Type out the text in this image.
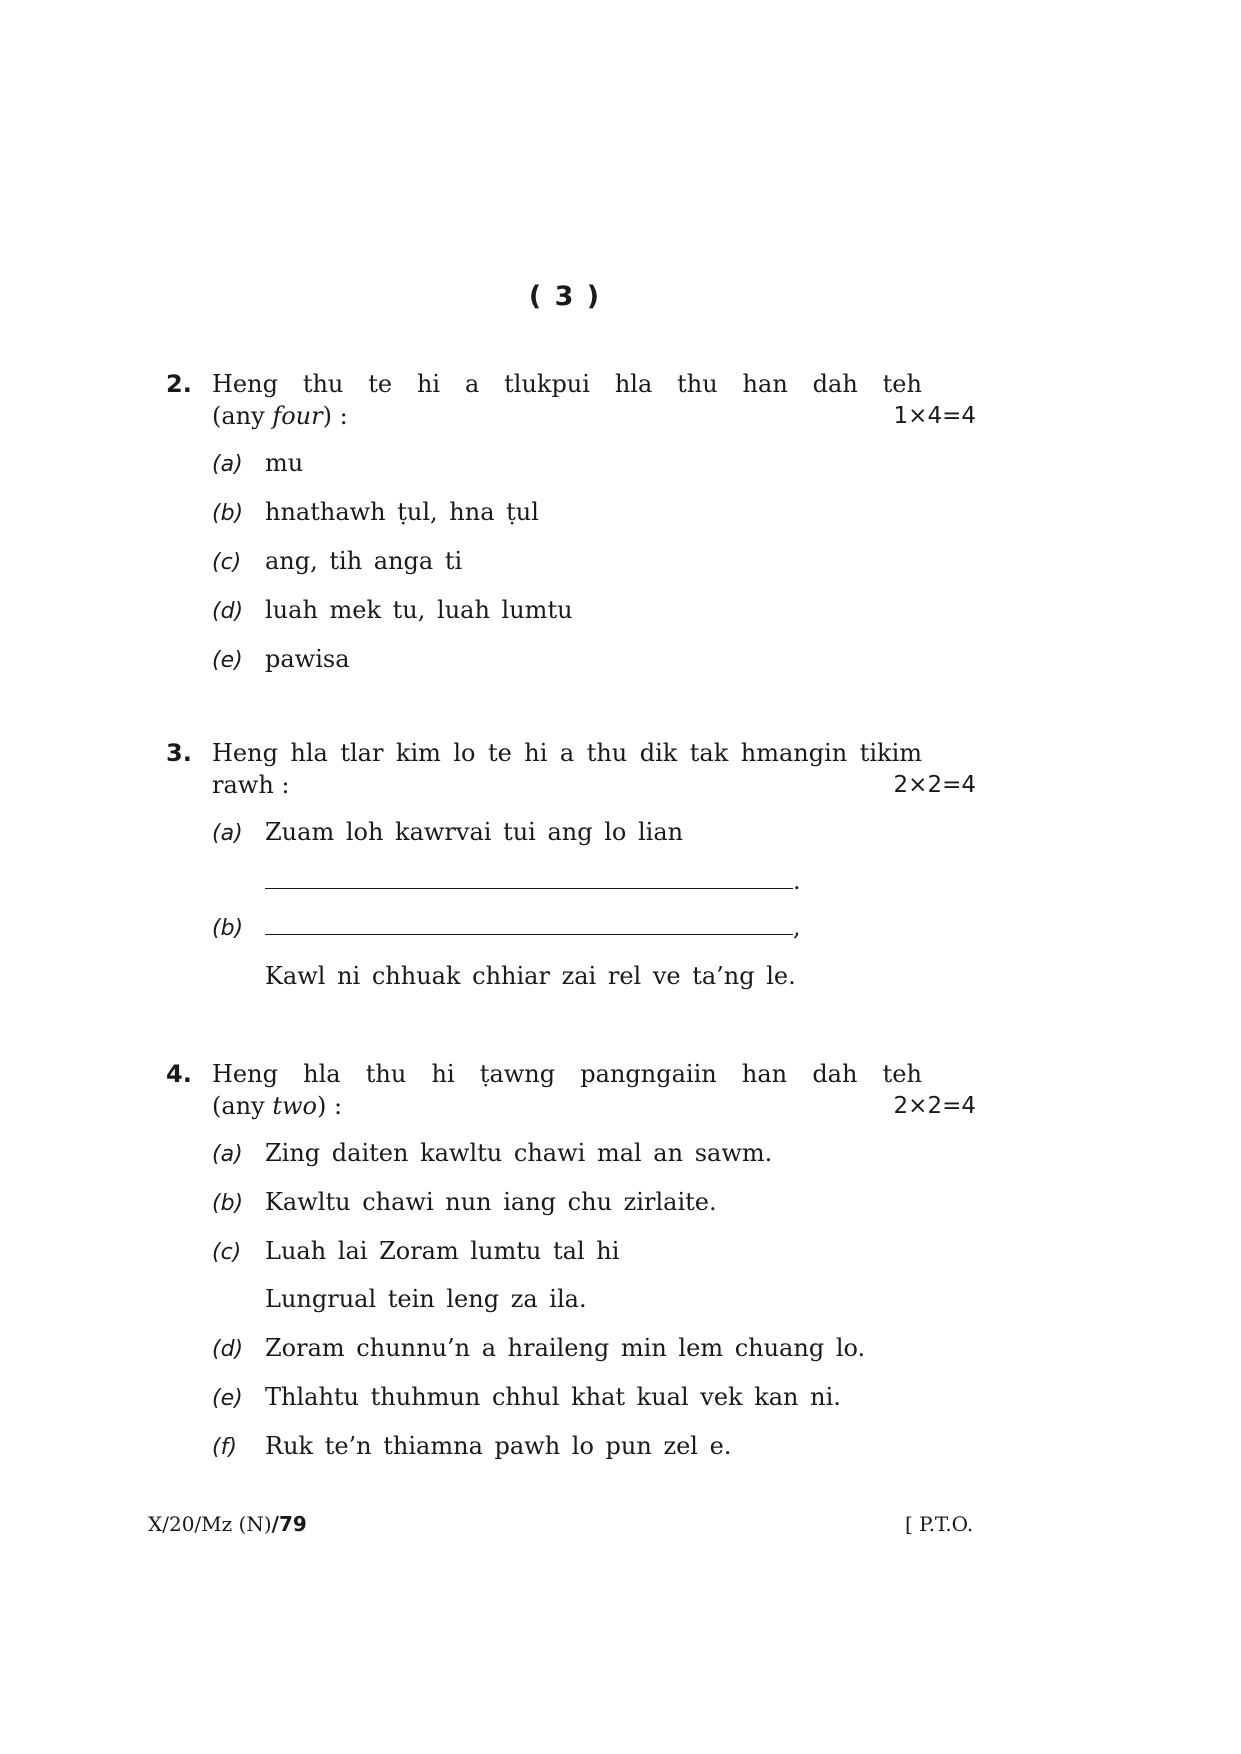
( 3 )
2. Heng thu te hi a tlukpui hla thu han dah teh
(any four) :	1×4=4
(a) mu
(b) hnathawh ṭul, hna ṭul
(c) ang, tih anga ti
(d) luah mek tu, luah lumtu
(e) pawisa
3. Heng hla tlar kim lo te hi a thu dik tak hmangin tikim
rawh :	2×2=4
(a) Zuam loh kawrvai tui ang lo lian
.
(b)	,
Kawl ni chhuak chhiar zai rel ve ta’ng le.
4. Heng hla thu hi ṭawng pangngaiin han dah teh
(any two) :	2×2=4
(a) Zing daiten kawltu chawi mal an sawm.
(b) Kawltu chawi nun iang chu zirlaite.
(c) Luah lai Zoram lumtu tal hi
Lungrual tein leng za ila.
(d) Zoram chunnu’n a hraileng min lem chuang lo.
(e) Thlahtu thuhmun chhul khat kual vek kan ni.
(f) Ruk te’n thiamna pawh lo pun zel e.
X/20/Mz (N)/79	[ P.T.O.
